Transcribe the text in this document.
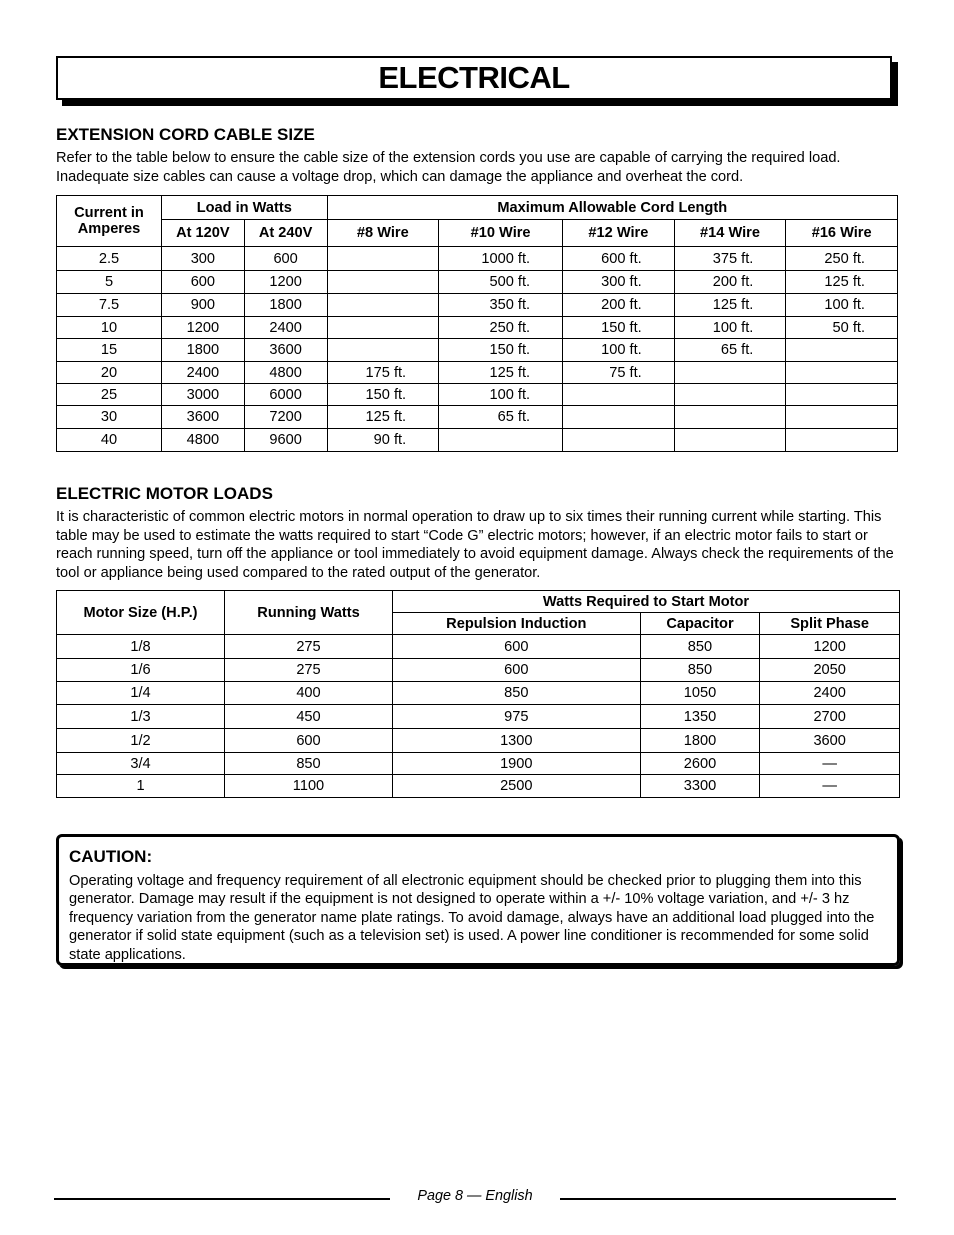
ELECTRICAL
EXTENSION CORD CABLE SIZE

Refer to the table below to ensure the cable size of the extension cords you use are capable of carrying the required load. Inadequate size cables can cause a voltage drop, which can damage the appliance and overheat the cord.

Current in Amperes	Load in Watts		Maximum Allowable Cord Length				
	At 120V	At 240V	#8 Wire	#10 Wire	#12 Wire	#14 Wire	#16 Wire
2.5	300	600		1000 ft.	600 ft.	375 ft.	250 ft.
5	600	1200		500 ft.	300 ft.	200 ft.	125 ft.
7.5	900	1800		350 ft.	200 ft.	125 ft.	100 ft.
10	1200	2400		250 ft.	150 ft.	100 ft.	50 ft.
15	1800	3600		150 ft.	100 ft.	65 ft.	
20	2400	4800	175 ft.	125 ft.	75 ft.		
25	3000	6000	150 ft.	100 ft.			
30	3600	7200	125 ft.	65 ft.			
40	4800	9600	90 ft.				
ELECTRIC MOTOR LOADS

It is characteristic of common electric motors in normal operation to draw up to six times their running current while starting. This table may be used to estimate the watts required to start “Code G” electric motors; however, if an electric motor fails to start or reach running speed, turn off the appliance or tool immediately to avoid equipment damage. Always check the requirements of the tool or appliance being used compared to the rated output of the generator.

Motor Size (H.P.)	Running Watts	Watts Required to Start Motor		
		Repulsion Induction	Capacitor	Split Phase
1/8	275	600	850	1200
1/6	275	600	850	2050
1/4	400	850	1050	2400
1/3	450	975	1350	2700
1/2	600	1300	1800	3600
3/4	850	1900	2600	—
1	1100	2500	3300	—
CAUTION:

Operating voltage and frequency requirement of all electronic equipment should be checked prior to plugging them into this generator. Damage may result if the equipment is not designed to operate within a +/- 10% voltage variation, and +/- 3 hz frequency variation from the generator name plate ratings. To avoid damage, always have an additional load plugged into the generator if solid state equipment (such as a television set) is used. A power line conditioner is recommended for some solid state applications.

Page 8 — English
